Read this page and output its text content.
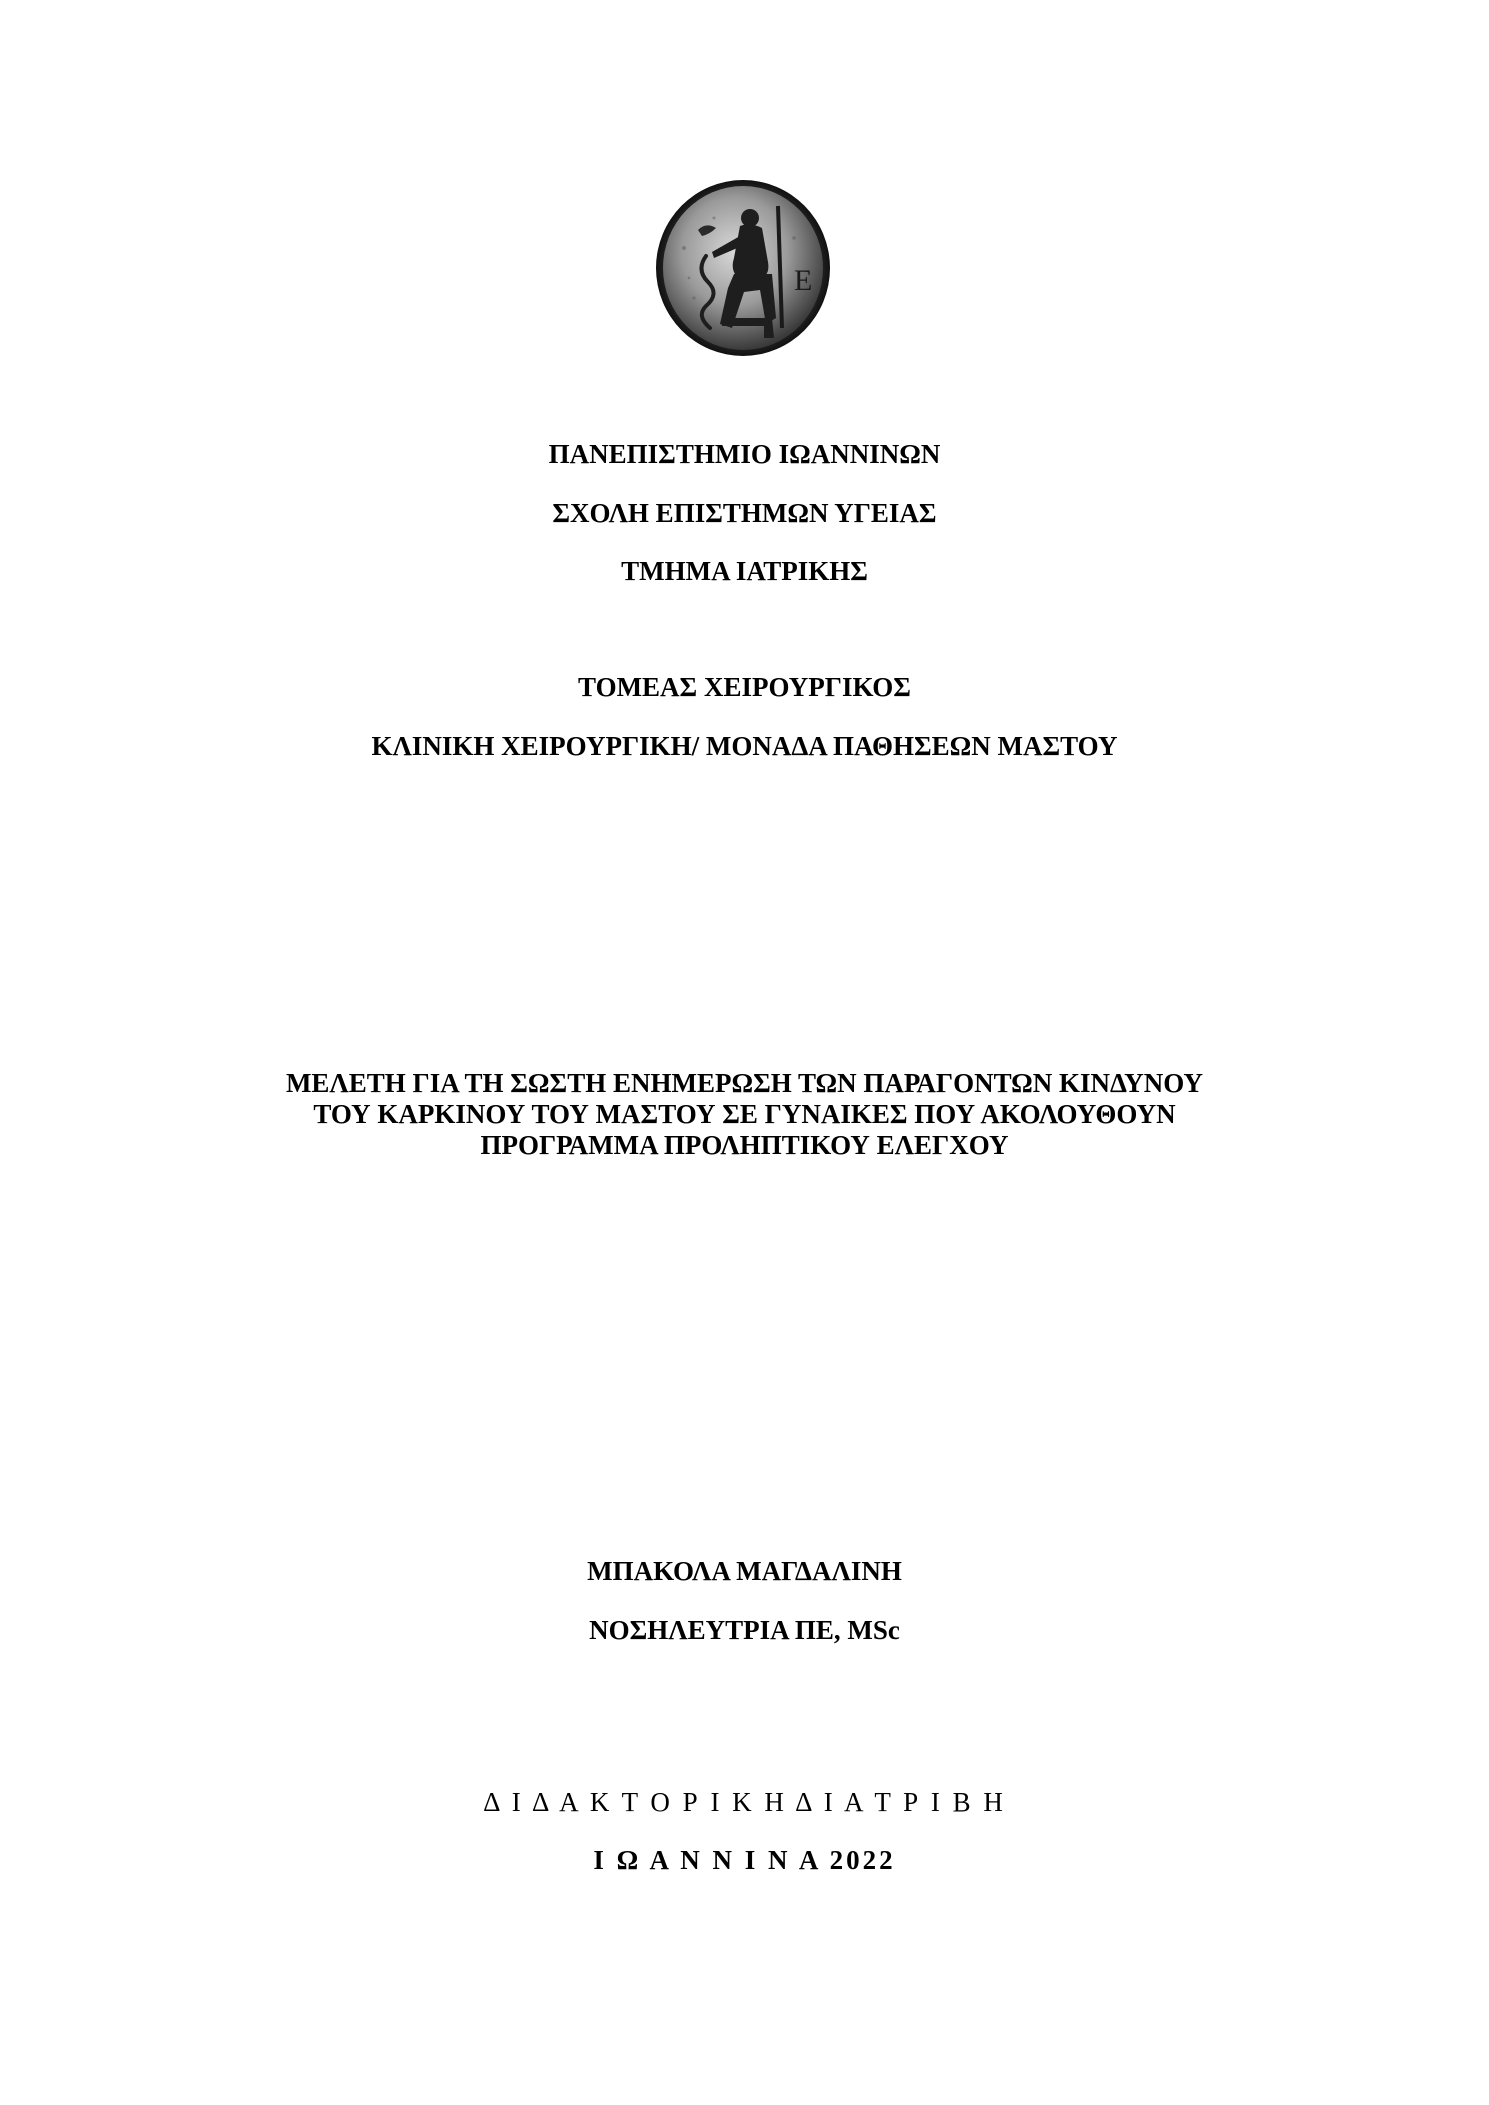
E
ΠΑΝΕΠΙΣΤΗΜΙΟ ΙΩΑΝΝΙΝΩΝ
ΣΧΟΛΗ ΕΠΙΣΤΗΜΩΝ ΥΓΕΙΑΣ
ΤΜΗΜΑ ΙΑΤΡΙΚΗΣ
ΤΟΜΕΑΣ ΧΕΙΡΟΥΡΓΙΚΟΣ
ΚΛΙΝΙΚΗ ΧΕΙΡΟΥΡΓΙΚΗ/ ΜΟΝΑΔΑ ΠΑΘΗΣΕΩΝ ΜΑΣΤΟΥ
ΜΕΛΕΤΗ ΓΙΑ ΤΗ ΣΩΣΤΗ ΕΝΗΜΕΡΩΣΗ ΤΩΝ ΠΑΡΑΓΟΝΤΩΝ ΚΙΝΔΥΝΟΥ
ΤΟΥ ΚΑΡΚΙΝΟΥ ΤΟΥ ΜΑΣΤΟΥ ΣΕ ΓΥΝΑΙΚΕΣ ΠΟΥ ΑΚΟΛΟΥΘΟΥΝ
ΠΡΟΓΡΑΜΜΑ ΠΡΟΛΗΠΤΙΚΟΥ ΕΛΕΓΧΟΥ
ΜΠΑΚΟΛΑ ΜΑΓΔΑΛΙΝΗ
ΝΟΣΗΛΕΥΤΡΙΑ ΠΕ, MSc
Δ Ι Δ Α Κ Τ Ο Ρ Ι Κ Η Δ Ι Α Τ Ρ Ι Β Η
Ι Ω Α Ν Ν Ι Ν Α 2022
